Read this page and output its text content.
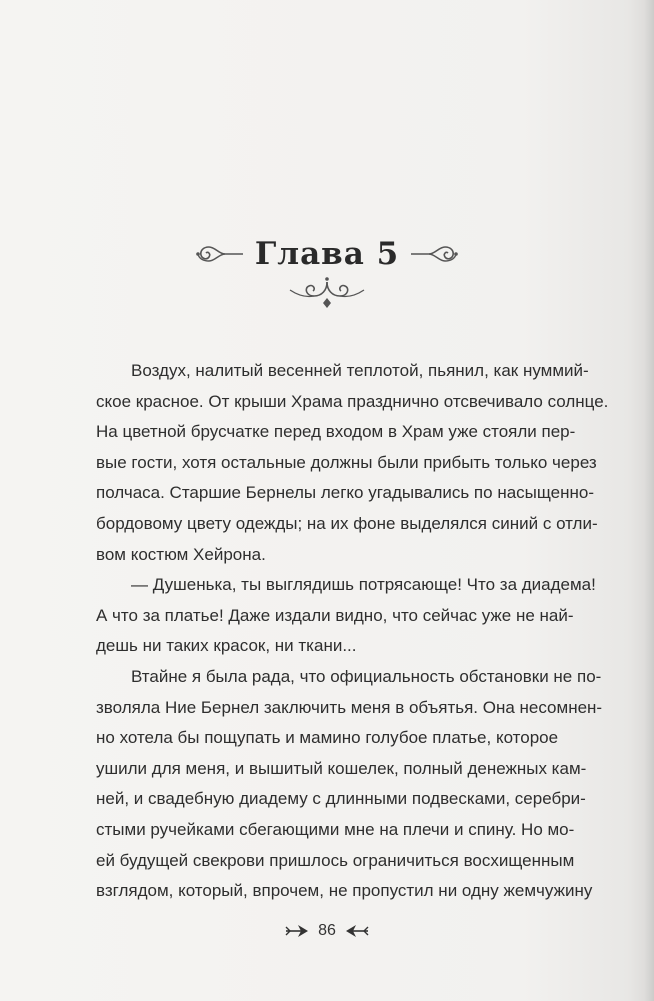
Глава 5

Воздух, налитый весенней теплотой, пьянил, как нуммий-
ское красное. От крыши Храма празднично отсвечивало солнце.
На цветной брусчатке перед входом в Храм уже стояли пер-
вые гости, хотя остальные должны были прибыть только через
полчаса. Старшие Бернелы легко угадывались по насыщенно-
бордовому цвету одежды; на их фоне выделялся синий с отли-
вом костюм Хейрона.

— Душенька, ты выглядишь потрясающе! Что за диадема!
А что за платье! Даже издали видно, что сейчас уже не най-
дешь ни таких красок, ни ткани...

Втайне я была рада, что официальность обстановки не по-
зволяла Ние Бернел заключить меня в объятья. Она несомнен-
но хотела бы пощупать и мамино голубое платье, которое
ушили для меня, и вышитый кошелек, полный денежных кам-
ней, и свадебную диадему с длинными подвесками, серебри-
стыми ручейками сбегающими мне на плечи и спину. Но мо-
ей будущей свекрови пришлось ограничиться восхищенным
взглядом, который, впрочем, не пропустил ни одну жемчужину

86
